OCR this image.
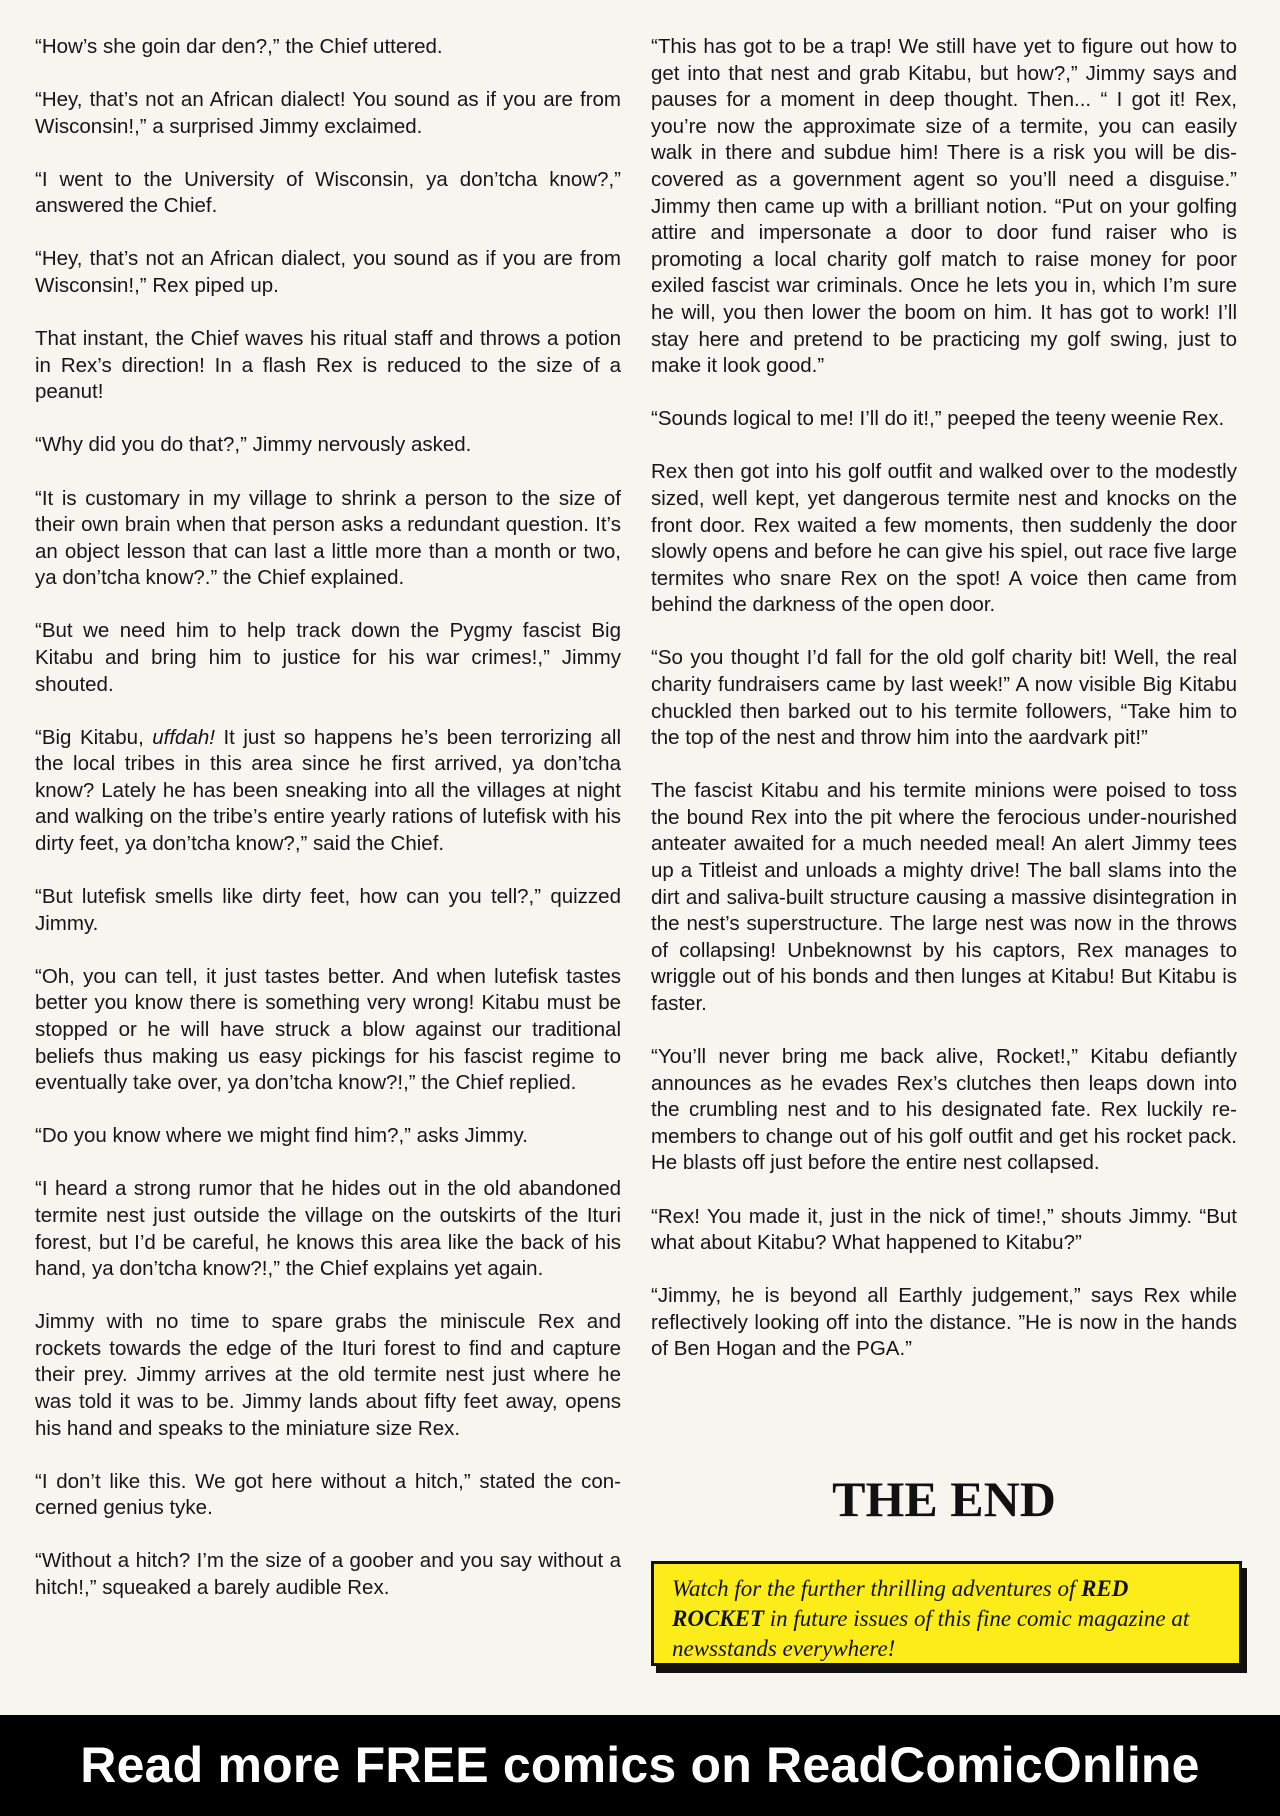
“How’s she goin dar den?,” the Chief uttered.

“Hey, that’s not an African dialect! You sound as if you are from Wisconsin!,” a surprised Jimmy exclaimed.

“I went to the University of Wisconsin, ya don’tcha know?,” answered the Chief.

“Hey, that’s not an African dialect, you sound as if you are from Wisconsin!,” Rex piped up.

That instant, the Chief waves his ritual staff and throws a potion in Rex’s direction! In a flash Rex is reduced to the size of a peanut!

“Why did you do that?,” Jimmy nervously asked.

“It is customary in my village to shrink a person to the size of their own brain when that person asks a redundant question. It’s an object lesson that can last a little more than a month or two, ya don’tcha know?.” the Chief explained.

“But we need him to help track down the Pygmy fascist Big Kitabu and bring him to justice for his war crimes!,” Jimmy shouted.

“Big Kitabu, uffdah! It just so happens he’s been terrorizing all the local tribes in this area since he first arrived, ya don’tcha know? Lately he has been sneaking into all the villages at night and walking on the tribe’s entire yearly rations of lutefisk with his dirty feet, ya don’tcha know?,” said the Chief.

“But lutefisk smells like dirty feet, how can you tell?,” quizzed Jimmy.

“Oh, you can tell, it just tastes better. And when lutefisk tastes better you know there is something very wrong! Kitabu must be stopped or he will have struck a blow against our traditional beliefs thus making us easy pickings for his fascist regime to eventually take over, ya don’tcha know?!,” the Chief replied.

“Do you know where we might find him?,” asks Jimmy.

“I heard a strong rumor that he hides out in the old abandoned termite nest just outside the village on the outskirts of the Ituri forest, but I’d be careful, he knows this area like the back of his hand, ya don’tcha know?!,” the Chief explains yet again.

Jimmy with no time to spare grabs the miniscule Rex and rockets towards the edge of the Ituri forest to find and capture their prey. Jimmy arrives at the old termite nest just where he was told it was to be. Jimmy lands about fifty feet away, opens his hand and speaks to the miniature size Rex.

“I don’t like this. We got here without a hitch,” stated the concerned genius tyke.

“Without a hitch? I’m the size of a goober and you say without a hitch!,” squeaked a barely audible Rex.

“This has got to be a trap! We still have yet to figure out how to get into that nest and grab Kitabu, but how?,” Jimmy says and pauses for a moment in deep thought. Then... “ I got it! Rex, you’re now the approximate size of a termite, you can easily walk in there and subdue him! There is a risk you will be discovered as a government agent so you’ll need a disguise.” Jimmy then came up with a brilliant notion. “Put on your golfing attire and impersonate a door to door fund raiser who is promoting a local charity golf match to raise money for poor exiled fascist war criminals. Once he lets you in, which I’m sure he will, you then lower the boom on him. It has got to work! I’ll stay here and pretend to be practicing my golf swing, just to make it look good.”

“Sounds logical to me! I’ll do it!,” peeped the teeny weenie Rex.

Rex then got into his golf outfit and walked over to the modestly sized, well kept, yet dangerous termite nest and knocks on the front door. Rex waited a few moments, then suddenly the door slowly opens and before he can give his spiel, out race five large termites who snare Rex on the spot! A voice then came from behind the darkness of the open door.

“So you thought I’d fall for the old golf charity bit! Well, the real charity fundraisers came by last week!” A now visible Big Kitabu chuckled then barked out to his termite followers, “Take him to the top of the nest and throw him into the aardvark pit!”

The fascist Kitabu and his termite minions were poised to toss the bound Rex into the pit where the ferocious under-nourished anteater awaited for a much needed meal! An alert Jimmy tees up a Titleist and unloads a mighty drive! The ball slams into the dirt and saliva-built structure causing a massive disintegration in the nest’s superstructure. The large nest was now in the throws of collapsing! Unbeknownst by his captors, Rex manages to wriggle out of his bonds and then lunges at Kitabu! But Kitabu is faster.

“You’ll never bring me back alive, Rocket!,” Kitabu defiantly announces as he evades Rex’s clutches then leaps down into the crumbling nest and to his designated fate. Rex luckily remembers to change out of his golf outfit and get his rocket pack. He blasts off just before the entire nest collapsed.

“Rex! You made it, just in the nick of time!,” shouts Jimmy. “But what about Kitabu? What happened to Kitabu?”

“Jimmy, he is beyond all Earthly judgement,” says Rex while reflectively looking off into the distance. ”He is now in the hands of Ben Hogan and the PGA.”

THE END
Watch for the further thrilling adventures of RED ROCKET in future issues of this fine comic magazine at newsstands everywhere!
Read more FREE comics on ReadComicOnline
